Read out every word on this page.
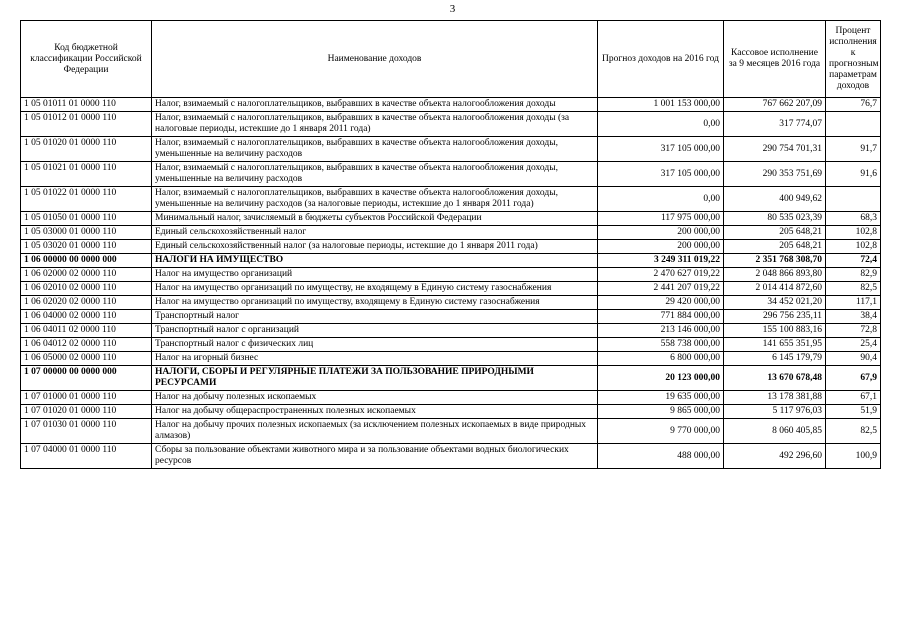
3
Код бюджетной классификации Российской Федерации	Наименование доходов	Прогноз доходов на 2016 год	Кассовое исполнение за 9 месяцев 2016 года	Процент исполнения к прогнозным параметрам доходов
1 05 01011 01 0000 110	Налог, взимаемый с налогоплательщиков, выбравших в качестве объекта налогообложения доходы	1 001 153 000,00	767 662 207,09	76,7
1 05 01012 01 0000 110	Налог, взимаемый с налогоплательщиков, выбравших в качестве объекта налогообложения доходы (за налоговые периоды, истекшие до 1 января 2011 года)	0,00	317 774,07	
1 05 01020 01 0000 110	Налог, взимаемый с налогоплательщиков, выбравших в качестве объекта налогообложения доходы, уменьшенные на величину расходов	317 105 000,00	290 754 701,31	91,7
1 05 01021 01 0000 110	Налог, взимаемый с налогоплательщиков, выбравших в качестве объекта налогообложения доходы, уменьшенные на величину расходов	317 105 000,00	290 353 751,69	91,6
1 05 01022 01 0000 110	Налог, взимаемый с налогоплательщиков, выбравших в качестве объекта налогообложения доходы, уменьшенные на величину расходов (за налоговые периоды, истекшие до 1 января 2011 года)	0,00	400 949,62	
1 05 01050 01 0000 110	Минимальный налог, зачисляемый в бюджеты субъектов Российской Федерации	117 975 000,00	80 535 023,39	68,3
1 05 03000 01 0000 110	Единый сельскохозяйственный налог	200 000,00	205 648,21	102,8
1 05 03020 01 0000 110	Единый сельскохозяйственный налог (за налоговые периоды, истекшие до 1 января 2011 года)	200 000,00	205 648,21	102,8
1 06 00000 00 0000 000	НАЛОГИ НА ИМУЩЕСТВО	3 249 311 019,22	2 351 768 308,70	72,4
1 06 02000 02 0000 110	Налог на имущество организаций	2 470 627 019,22	2 048 866 893,80	82,9
1 06 02010 02 0000 110	Налог на имущество организаций по имуществу, не входящему в Единую систему газоснабжения	2 441 207 019,22	2 014 414 872,60	82,5
1 06 02020 02 0000 110	Налог на имущество организаций по имуществу, входящему в Единую систему газоснабжения	29 420 000,00	34 452 021,20	117,1
1 06 04000 02 0000 110	Транспортный налог	771 884 000,00	296 756 235,11	38,4
1 06 04011 02 0000 110	Транспортный налог с организаций	213 146 000,00	155 100 883,16	72,8
1 06 04012 02 0000 110	Транспортный налог с физических лиц	558 738 000,00	141 655 351,95	25,4
1 06 05000 02 0000 110	Налог на игорный бизнес	6 800 000,00	6 145 179,79	90,4
1 07 00000 00 0000 000	НАЛОГИ, СБОРЫ И РЕГУЛЯРНЫЕ ПЛАТЕЖИ ЗА ПОЛЬЗОВАНИЕ ПРИРОДНЫМИ РЕСУРСАМИ	20 123 000,00	13 670 678,48	67,9
1 07 01000 01 0000 110	Налог на добычу полезных ископаемых	19 635 000,00	13 178 381,88	67,1
1 07 01020 01 0000 110	Налог на добычу общераспространенных полезных ископаемых	9 865 000,00	5 117 976,03	51,9
1 07 01030 01 0000 110	Налог на добычу прочих полезных ископаемых (за исключением полезных ископаемых в виде природных алмазов)	9 770 000,00	8 060 405,85	82,5
1 07 04000 01 0000 110	Сборы за пользование объектами животного мира и за пользование объектами водных биологических ресурсов	488 000,00	492 296,60	100,9
